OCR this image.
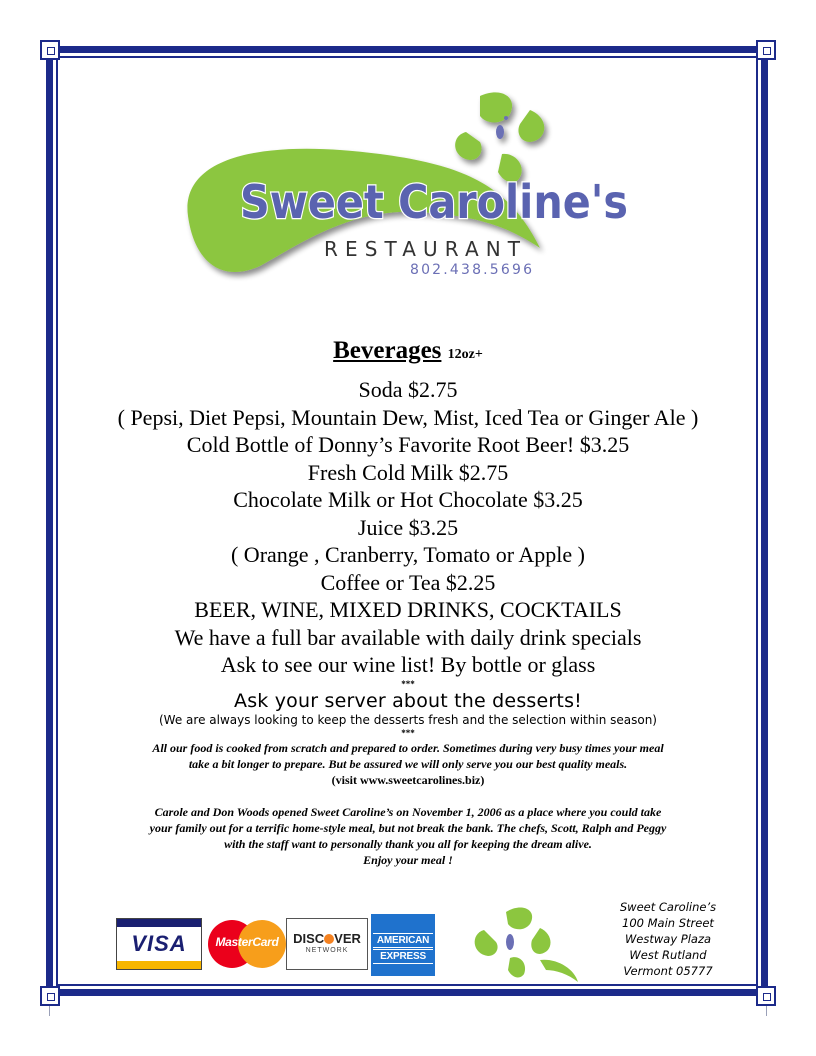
Sweet Caroline's
RESTAURANT
802.438.5696
Beverages 12oz+
Soda $2.75
( Pepsi, Diet Pepsi, Mountain Dew, Mist, Iced Tea or Ginger Ale )
Cold Bottle of Donny’s Favorite Root Beer! $3.25
Fresh Cold Milk $2.75
Chocolate Milk or Hot Chocolate $3.25
Juice $3.25
( Orange , Cranberry, Tomato or Apple )
Coffee or Tea $2.25
BEER, WINE, MIXED DRINKS, COCKTAILS
We have a full bar available with daily drink specials
Ask to see our wine list! By bottle or glass
***
Ask your server about the desserts!
(We are always looking to keep the desserts fresh and the selection within season)
***
All our food is cooked from scratch and prepared to order. Sometimes during very busy times your meal
take a bit longer to prepare. But be assured we will only serve you our best quality meals.
(visit www.sweetcarolines.biz)
Carole and Don Woods opened Sweet Caroline’s on November 1, 2006 as a place where you could take
your family out for a terrific home-style meal, but not break the bank. The chefs, Scott, Ralph and Peggy
with the staff want to personally thank you all for keeping the dream alive.
Enjoy your meal !
VISA	MasterCard	DISC VER
NETWORK
AMERICAN
EXPRESS
Sweet Caroline’s
100 Main Street
Westway Plaza
West Rutland
Vermont 05777
